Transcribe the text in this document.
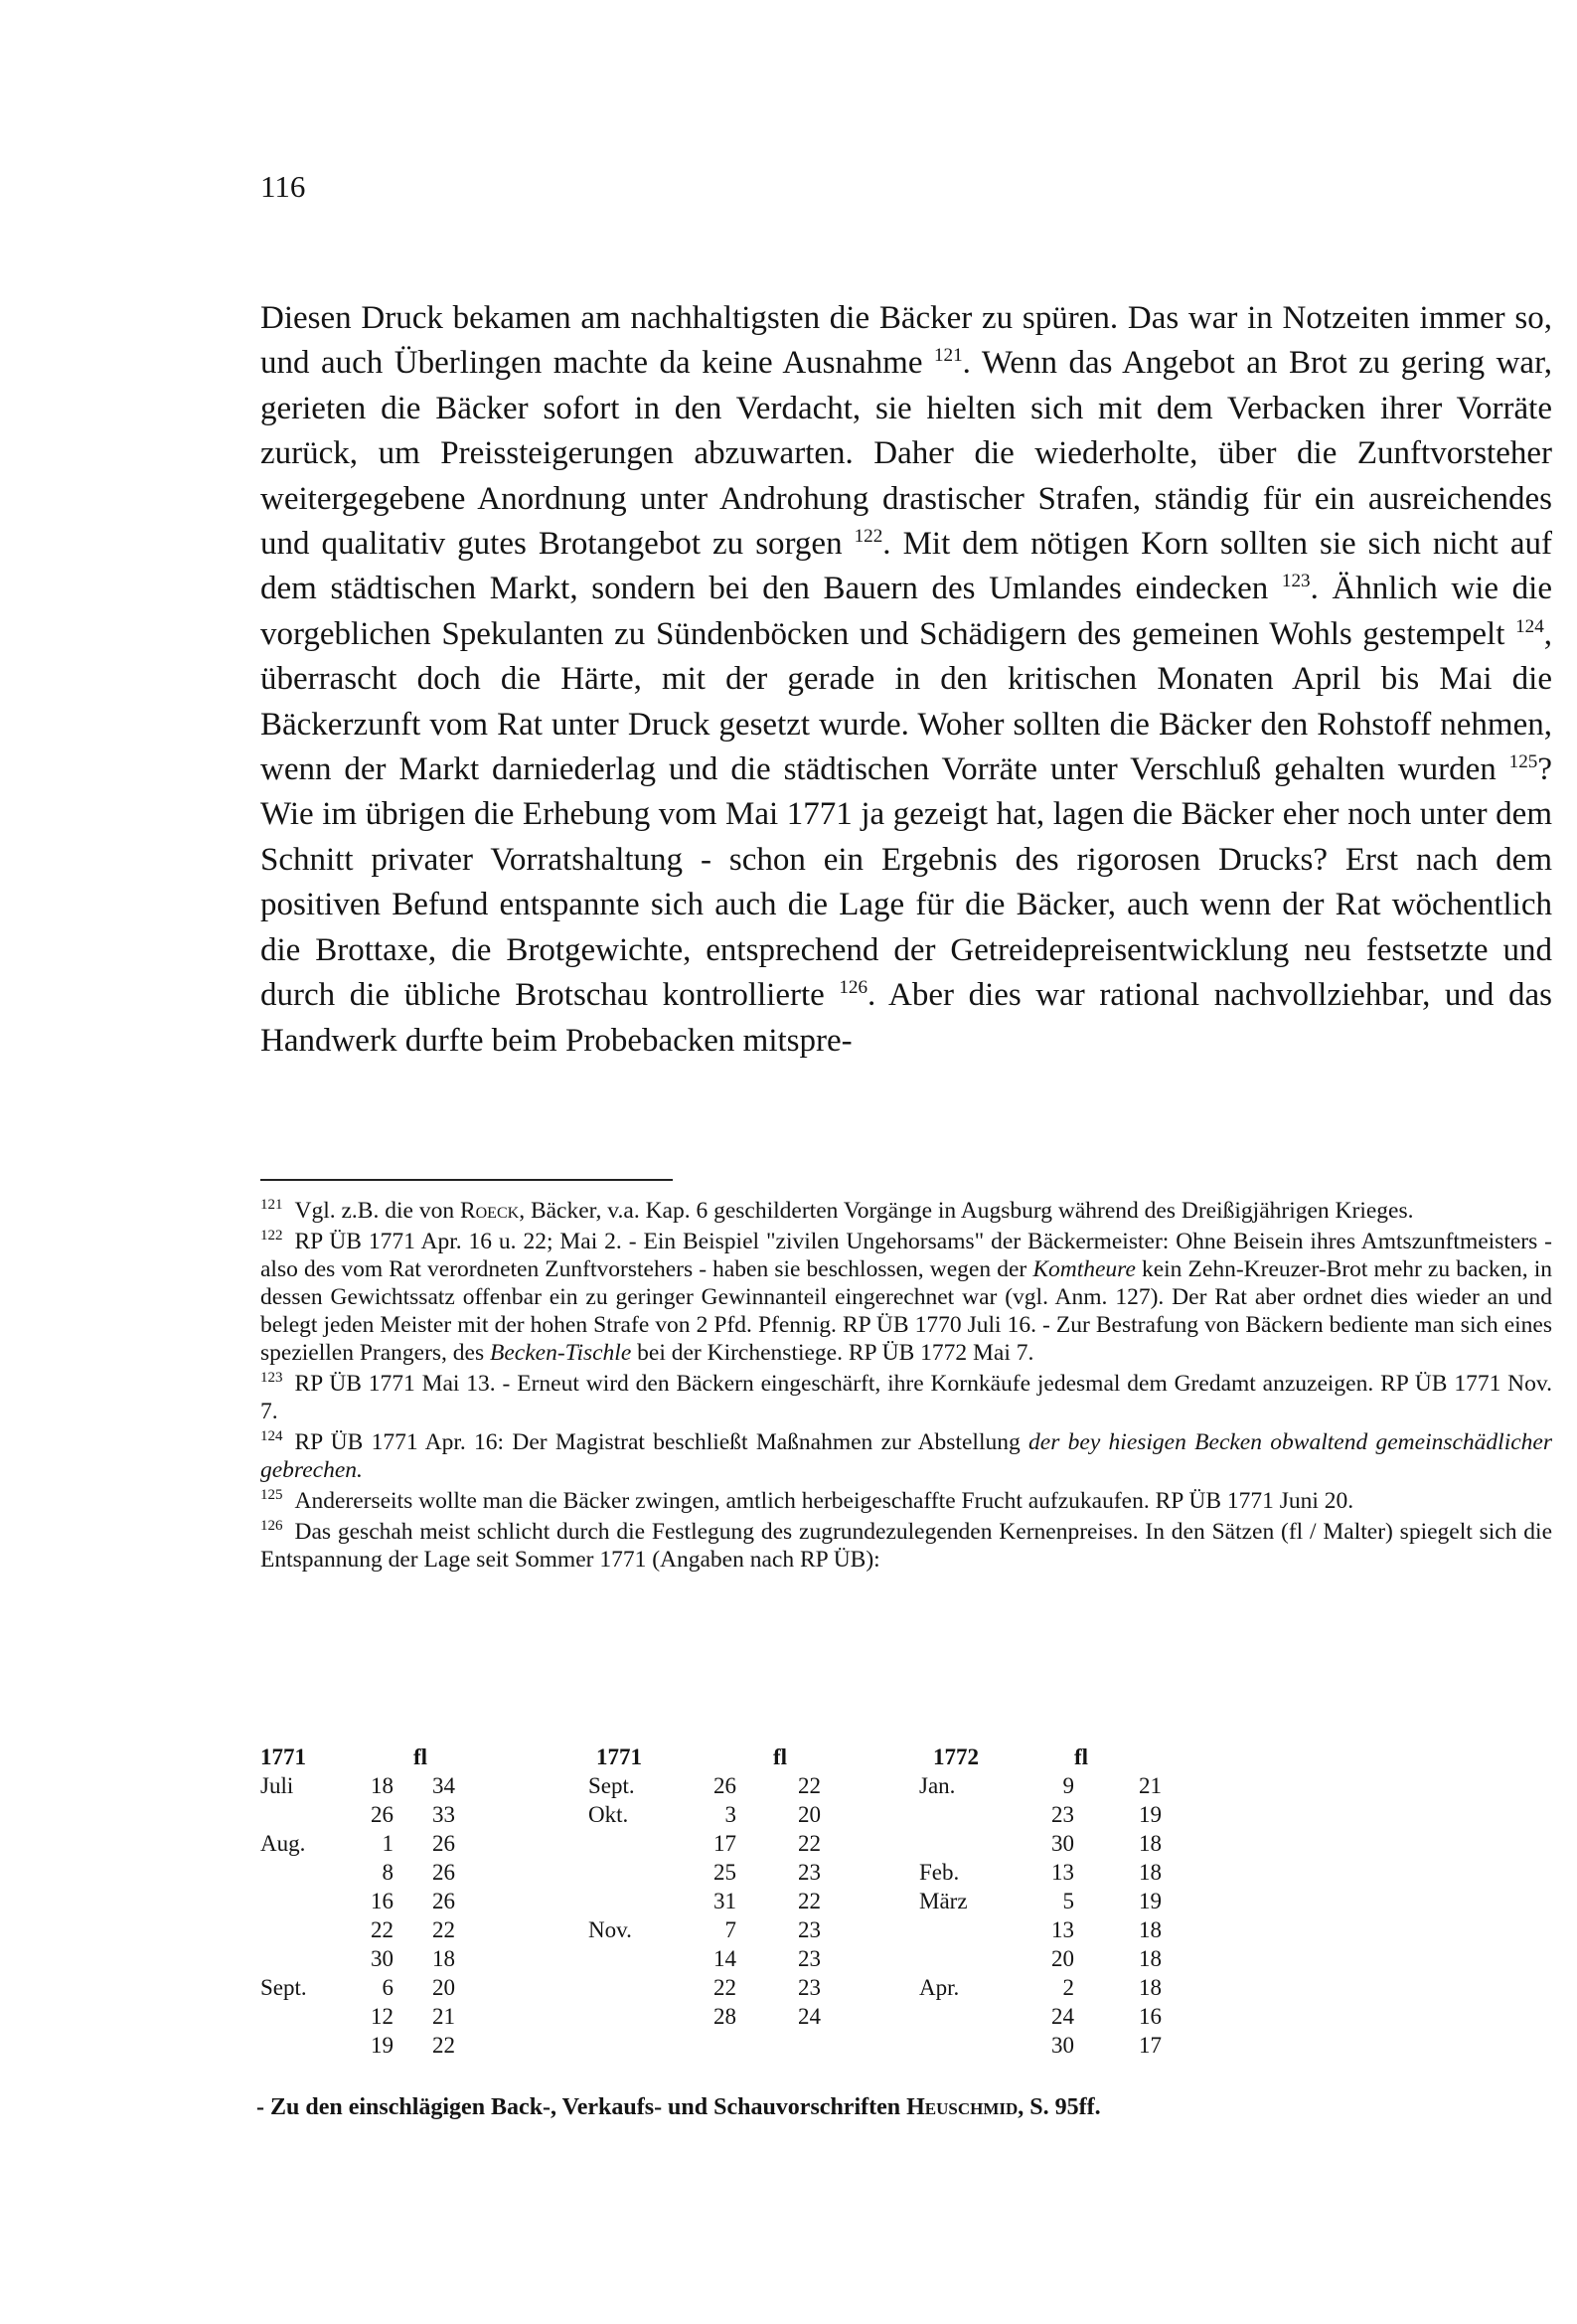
116

Diesen Druck bekamen am nachhaltigsten die Bäcker zu spüren. Das war in Notzeiten immer so, und auch Überlingen machte da keine Ausnahme $^{121}$. Wenn das Angebot an Brot zu gering war, gerieten die Bäcker sofort in den Verdacht, sie hielten sich mit dem Verbacken ihrer Vorräte zurück, um Preissteigerungen abzuwarten. Daher die wiederholte, über die Zunftvorsteher weitergegebene Anordnung unter Androhung drastischer Strafen, ständig für ein ausreichendes und qualitativ gutes Brotangebot zu sorgen $^{122}$. Mit dem nötigen Korn sollten sie sich nicht auf dem städtischen Markt, sondern bei den Bauern des Umlandes eindecken $^{123}$. Ähnlich wie die vorgeblichen Spekulanten zu Sündenböcken und Schädigern des gemeinen Wohls gestempelt $^{124}$, überrascht doch die Härte, mit der gerade in den kritischen Monaten April bis Mai die Bäckerzunft vom Rat unter Druck gesetzt wurde. Woher sollten die Bäcker den Rohstoff nehmen, wenn der Markt darniederlag und die städtischen Vorräte unter Verschluß gehalten wurden $^{125}$? Wie im übrigen die Erhebung vom Mai 1771 ja gezeigt hat, lagen die Bäcker eher noch unter dem Schnitt privater Vorratshaltung - schon ein Ergebnis des rigorosen Drucks? Erst nach dem positiven Befund entspannte sich auch die Lage für die Bäcker, auch wenn der Rat wöchentlich die Brottaxe, die Brotgewichte, entsprechend der Getreidepreisentwicklung neu festsetzte und durch die übliche Brotschau kontrollierte $^{126}$. Aber dies war rational nachvollziehbar, und das Handwerk durfte beim Probebacken mitspre-

$^{121}$ Vgl. z.B. die von Roeck, Bäcker, v.a. Kap. 6 geschilderten Vorgänge in Augsburg während des Dreißigjährigen Krieges.

$^{122}$ RP ÜB 1771 Apr. 16 u. 22; Mai 2. - Ein Beispiel "zivilen Ungehorsams" der Bäckermeister: Ohne Beisein ihres Amtszunftmeisters - also des vom Rat verordneten Zunftvorstehers - haben sie beschlossen, wegen der Komtheure kein Zehn-Kreuzer-Brot mehr zu backen, in dessen Gewichtssatz offenbar ein zu geringer Gewinnanteil eingerechnet war (vgl. Anm. 127). Der Rat aber ordnet dies wieder an und belegt jeden Meister mit der hohen Strafe von 2 Pfd. Pfennig. RP ÜB 1770 Juli 16. - Zur Bestrafung von Bäckern bediente man sich eines speziellen Prangers, des Becken-Tischle bei der Kirchenstiege. RP ÜB 1772 Mai 7.

$^{123}$ RP ÜB 1771 Mai 13. - Erneut wird den Bäckern eingeschärft, ihre Kornkäufe jedesmal dem Gredamt anzuzeigen. RP ÜB 1771 Nov. 7.

$^{124}$ RP ÜB 1771 Apr. 16: Der Magistrat beschließt Maßnahmen zur Abstellung der bey hiesigen Becken obwaltend gemeinschädlicher gebrechen.

$^{125}$ Andererseits wollte man die Bäcker zwingen, amtlich herbeigeschaffte Frucht aufzukaufen. RP ÜB 1771 Juni 20.

$^{126}$ Das geschah meist schlicht durch die Festlegung des zugrundezulegenden Kernenpreises. In den Sätzen (fl / Malter) spiegelt sich die Entspannung der Lage seit Sommer 1771 (Angaben nach RP ÜB):

1771	fl
Juli	18	34
26	33
Aug.	1	26
8	26
16	26
22	22
30	18
Sept.	6	20
12	21
19	22
1771	fl
Sept.	26	22
Okt.	3	20
17	22
25	23
31	22
Nov.	7	23
14	23
22	23
28	24
1772	fl
Jan.	9	21
23	19
30	18
Feb.	13	18
März	5	19
13	18
20	18
Apr.	2	18
24	16
30	17
- Zu den einschlägigen Back-, Verkaufs- und Schauvorschriften Heuschmid, S. 95ff.
